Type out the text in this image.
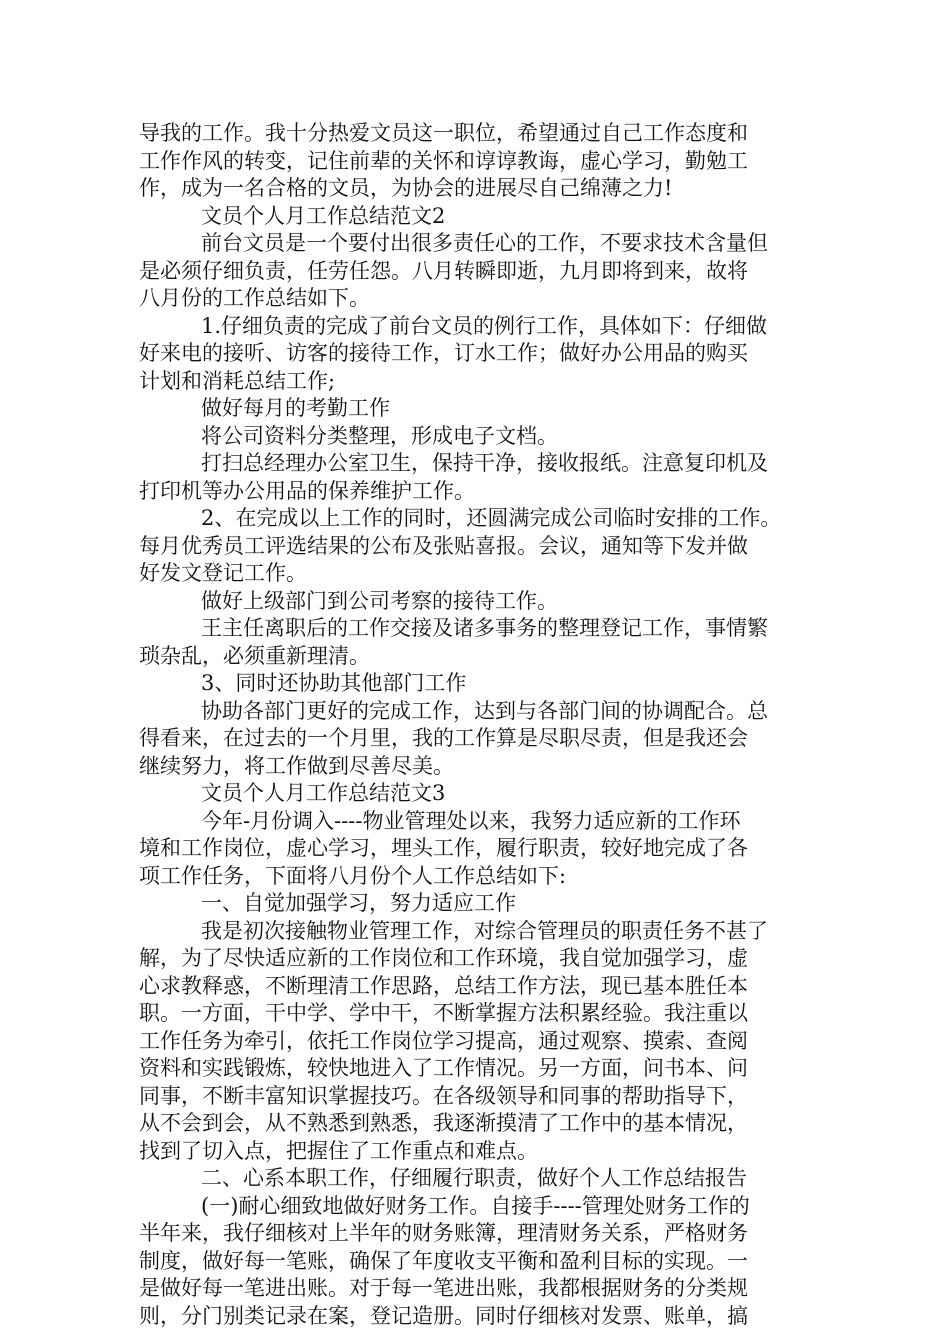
导我的工作。我十分热爱文员这一职位，希望通过自己工作态度和
工作作风的转变，记住前辈的关怀和谆谆教诲，虚心学习，勤勉工
作，成为一名合格的文员，为协会的进展尽自己绵薄之力!
文员个人月工作总结范文2
前台文员是一个要付出很多责任心的工作，不要求技术含量但
是必须仔细负责，任劳任怨。八月转瞬即逝，九月即将到来，故将
八月份的工作总结如下。
1.仔细负责的完成了前台文员的例行工作，具体如下：仔细做
好来电的接听、访客的接待工作，订水工作；做好办公用品的购买
计划和消耗总结工作;
做好每月的考勤工作
将公司资料分类整理，形成电子文档。
打扫总经理办公室卫生，保持干净，接收报纸。注意复印机及
打印机等办公用品的保养维护工作。
2、在完成以上工作的同时，还圆满完成公司临时安排的工作。
每月优秀员工评选结果的公布及张贴喜报。会议，通知等下发并做
好发文登记工作。
做好上级部门到公司考察的接待工作。
王主任离职后的工作交接及诸多事务的整理登记工作，事情繁
琐杂乱，必须重新理清。
3、同时还协助其他部门工作
协助各部门更好的完成工作，达到与各部门间的协调配合。总
得看来，在过去的一个月里，我的工作算是尽职尽责，但是我还会
继续努力，将工作做到尽善尽美。
文员个人月工作总结范文3
今年-月份调入----物业管理处以来，我努力适应新的工作环
境和工作岗位，虚心学习，埋头工作，履行职责，较好地完成了各
项工作任务，下面将八月份个人工作总结如下:
一、自觉加强学习，努力适应工作
我是初次接触物业管理工作，对综合管理员的职责任务不甚了
解，为了尽快适应新的工作岗位和工作环境，我自觉加强学习，虚
心求教释惑，不断理清工作思路，总结工作方法，现已基本胜任本
职。一方面，干中学、学中干，不断掌握方法积累经验。我注重以
工作任务为牵引，依托工作岗位学习提高，通过观察、摸索、查阅
资料和实践锻炼，较快地进入了工作情况。另一方面，问书本、问
同事，不断丰富知识掌握技巧。在各级领导和同事的帮助指导下，
从不会到会，从不熟悉到熟悉，我逐渐摸清了工作中的基本情况，
找到了切入点，把握住了工作重点和难点。
二、心系本职工作，仔细履行职责，做好个人工作总结报告
(一)耐心细致地做好财务工作。自接手----管理处财务工作的
半年来，我仔细核对上半年的财务账簿，理清财务关系，严格财务
制度，做好每一笔账，确保了年度收支平衡和盈利目标的实现。一
是做好每一笔进出账。对于每一笔进出账，我都根据财务的分类规
则，分门别类记录在案，登记造册。同时仔细核对发票、账单，搞
